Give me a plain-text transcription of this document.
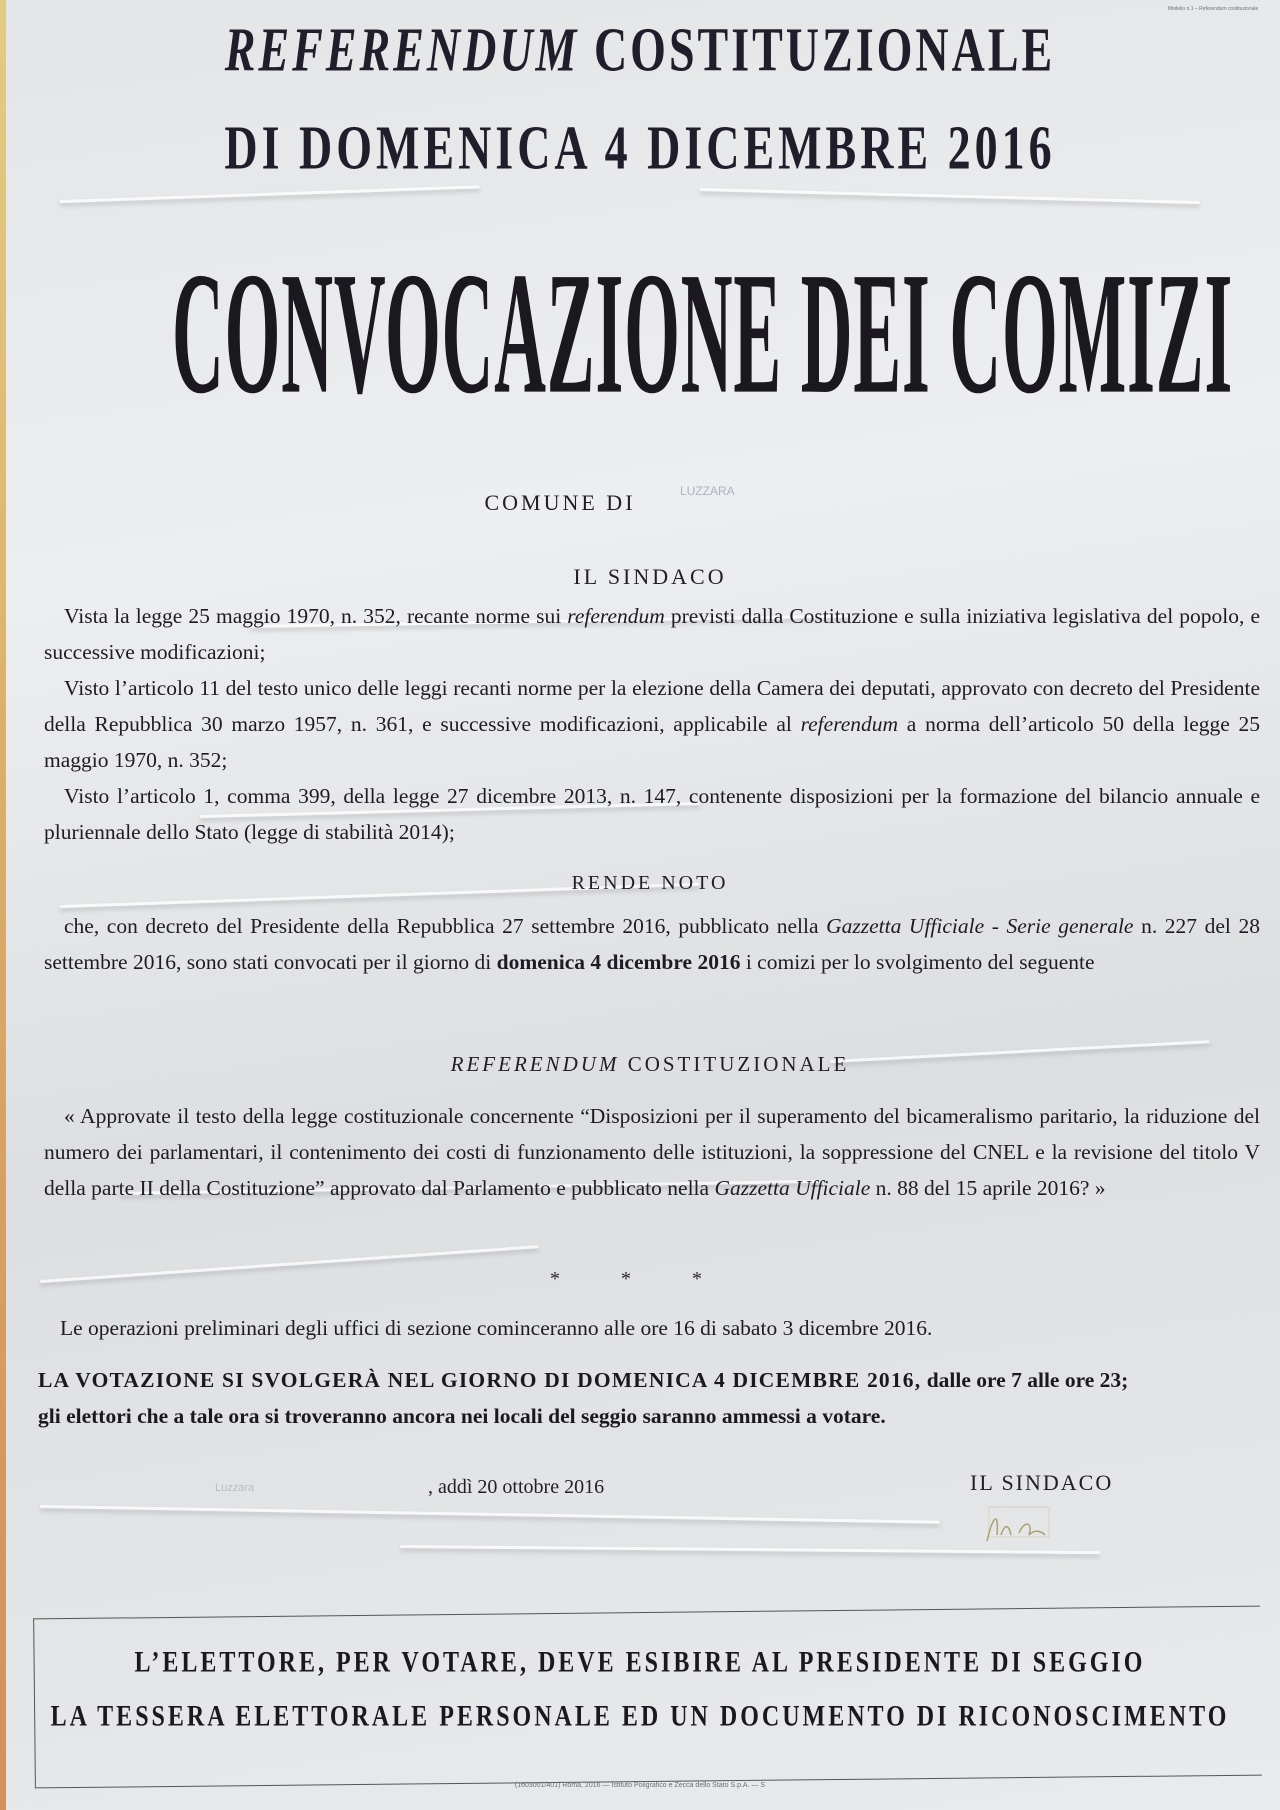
Modello n.1 – Referendum costituzionale
REFERENDUM COSTITUZIONALE
DI DOMENICA 4 DICEMBRE 2016
CONVOCAZIONE DEI COMIZI
COMUNE DI	LUZZARA
IL SINDACO

Vista la legge 25 maggio 1970, n. 352, recante norme sui referendum previsti dalla Costituzione e sulla iniziativa legislativa del popolo, e successive modificazioni;

Visto l’articolo 11 del testo unico delle leggi recanti norme per la elezione della Camera dei deputati, approvato con decreto del Presidente della Repubblica 30 marzo 1957, n. 361, e successive modificazioni, applicabile al referendum a norma dell’articolo 50 della legge 25 maggio 1970, n. 352;

Visto l’articolo 1, comma 399, della legge 27 dicembre 2013, n. 147, contenente disposizioni per la formazione del bilancio annuale e pluriennale dello Stato (legge di stabilità 2014);

RENDE NOTO

che, con decreto del Presidente della Repubblica 27 settembre 2016, pubblicato nella Gazzetta Ufficiale - Serie generale n. 227 del 28 settembre 2016, sono stati convocati per il giorno di domenica 4 dicembre 2016 i comizi per lo svolgimento del seguente

REFERENDUM COSTITUZIONALE

« Approvate il testo della legge costituzionale concernente “Disposizioni per il superamento del bicameralismo paritario, la riduzione del numero dei parlamentari, il contenimento dei costi di funzionamento delle istituzioni, la soppressione del CNEL e la revisione del titolo V della parte II della Costituzione” approvato dal Parlamento e pubblicato nella Gazzetta Ufficiale n. 88 del 15 aprile 2016? »

* * *
Le operazioni preliminari degli uffici di sezione cominceranno alle ore 16 di sabato 3 dicembre 2016.
LA VOTAZIONE SI SVOLGERÀ NEL GIORNO DI DOMENICA 4 DICEMBRE 2016, dalle ore 7 alle ore 23;
gli elettori che a tale ora si troveranno ancora nei locali del seggio saranno ammessi a votare.
Luzzara	, addì 20 ottobre 2016	IL SINDACO
L’ELETTORE, PER VOTARE, DEVE ESIBIRE AL PRESIDENTE DI SEGGIO
LA TESSERA ELETTORALE PERSONALE ED UN DOCUMENTO DI RICONOSCIMENTO
(1603001/401) Roma, 2016 — Istituto Poligrafico e Zecca dello Stato S.p.A. — S
